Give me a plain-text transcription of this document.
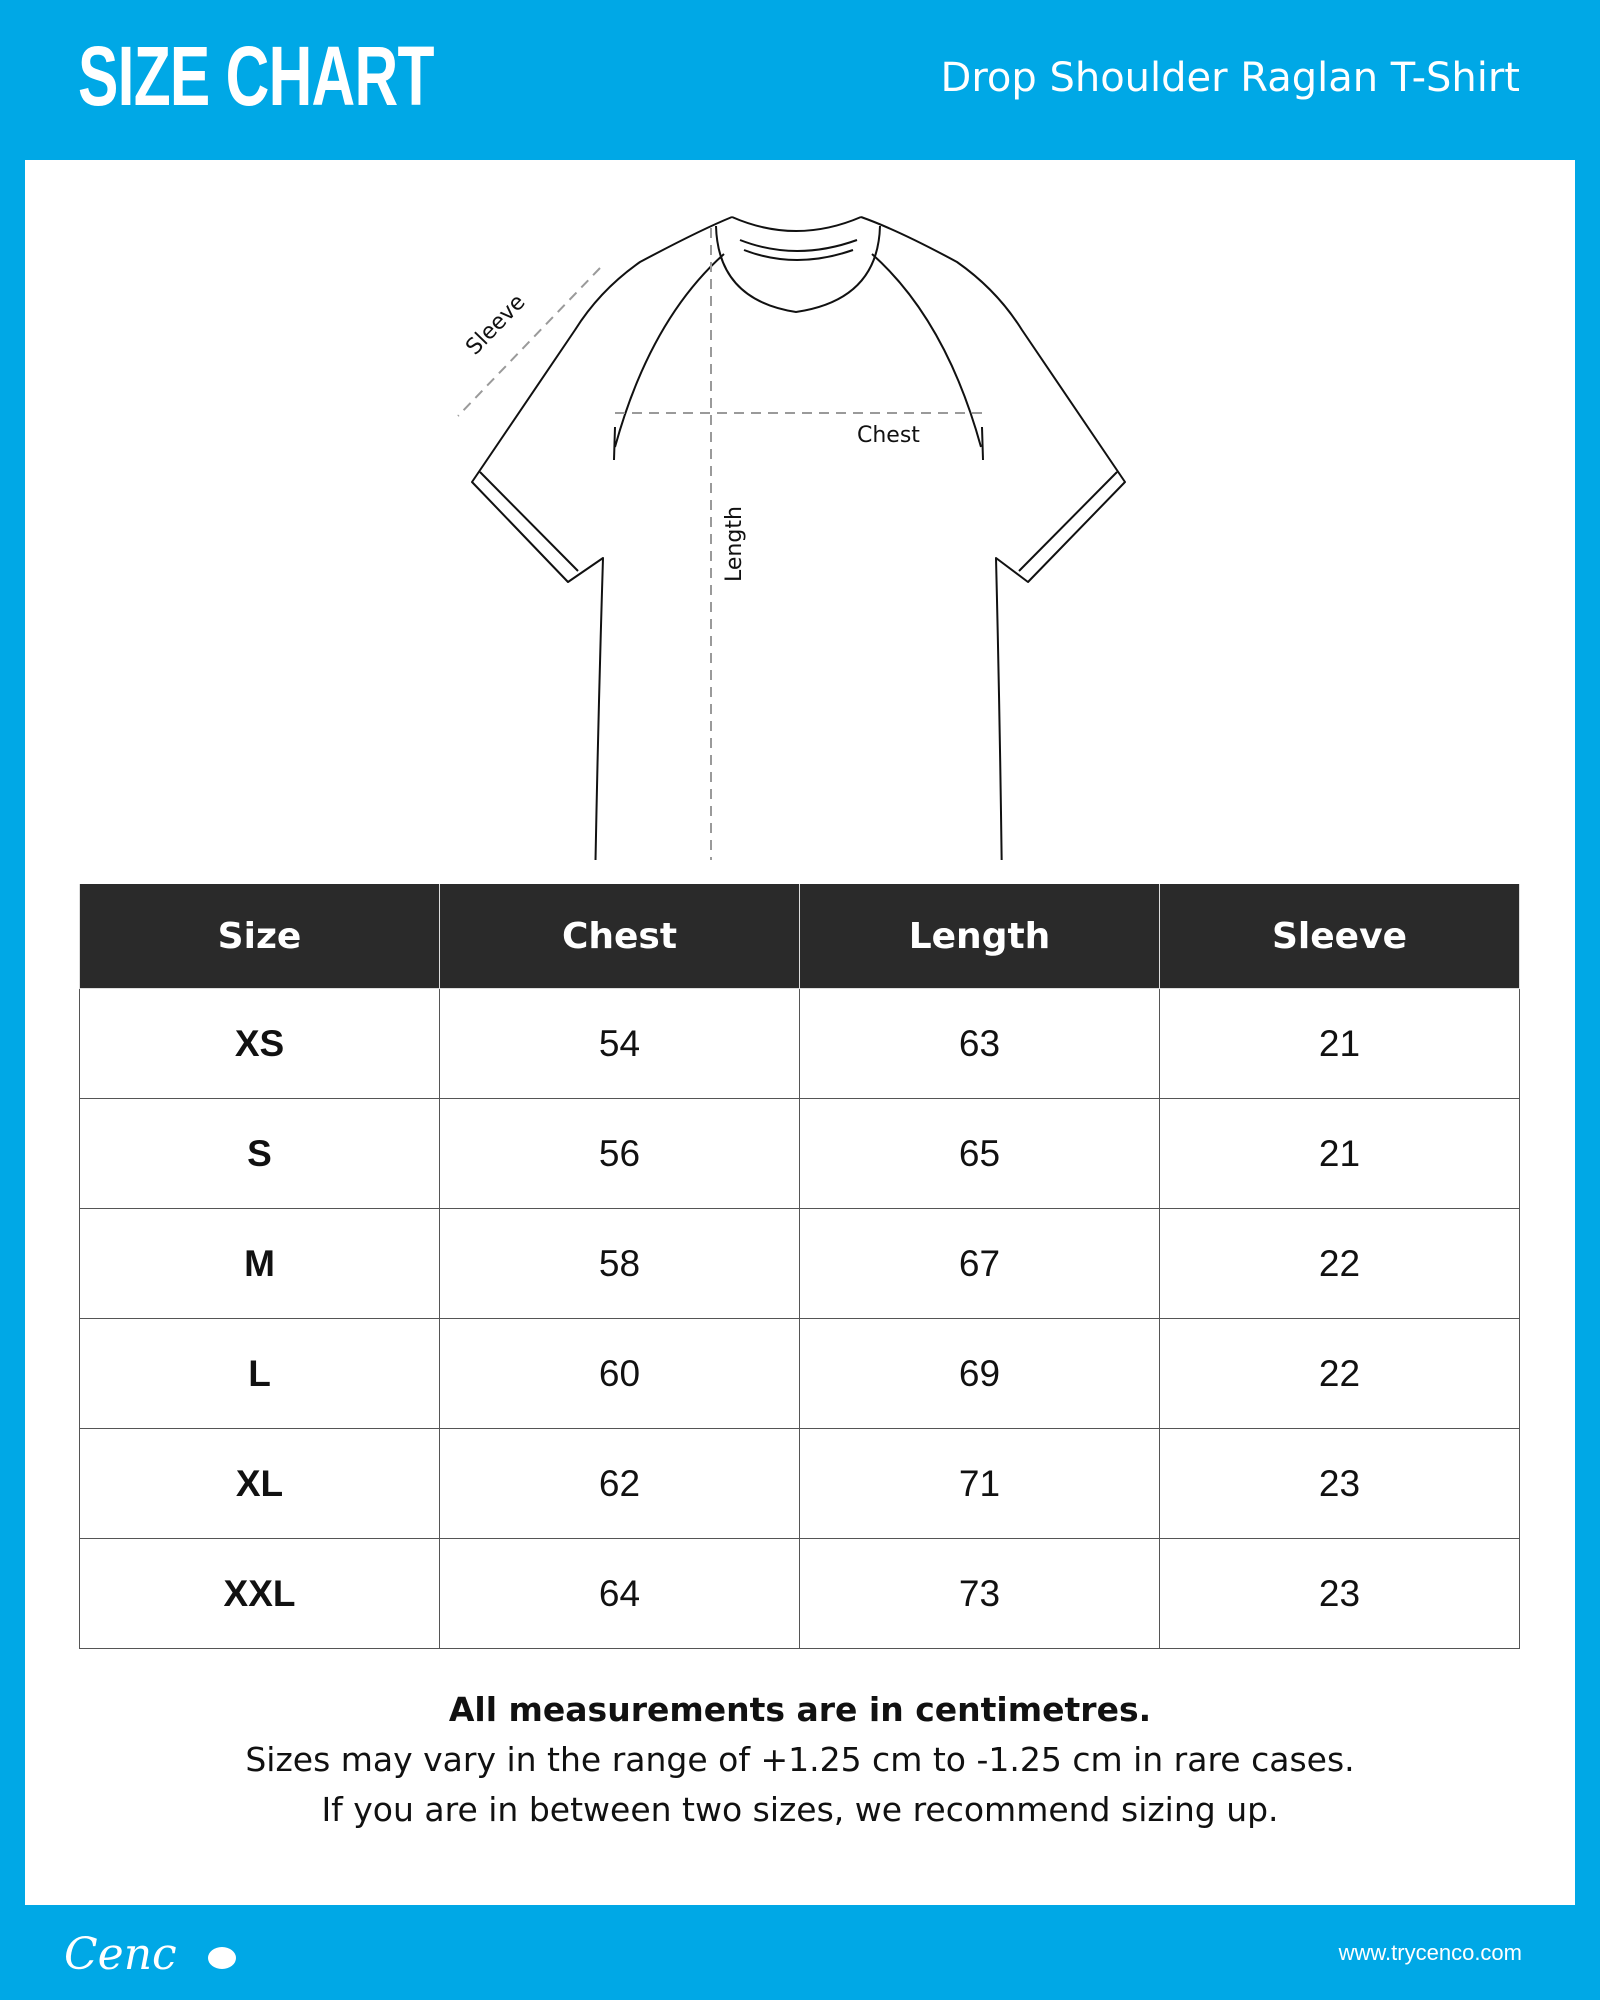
SIZE CHART	Drop Shoulder Raglan T-Shirt
Sleeve
Chest
Length
Size	Chest	Length	Sleeve
XS	54	63	21
S	56	65	21
M	58	67	22
L	60	69	22
XL	62	71	23
XXL	64	73	23
All measurements are in centimetres.
Sizes may vary in the range of +1.25 cm to -1.25 cm in rare cases.
If you are in between two sizes, we recommend sizing up.
Cenc	www.trycenco.com
